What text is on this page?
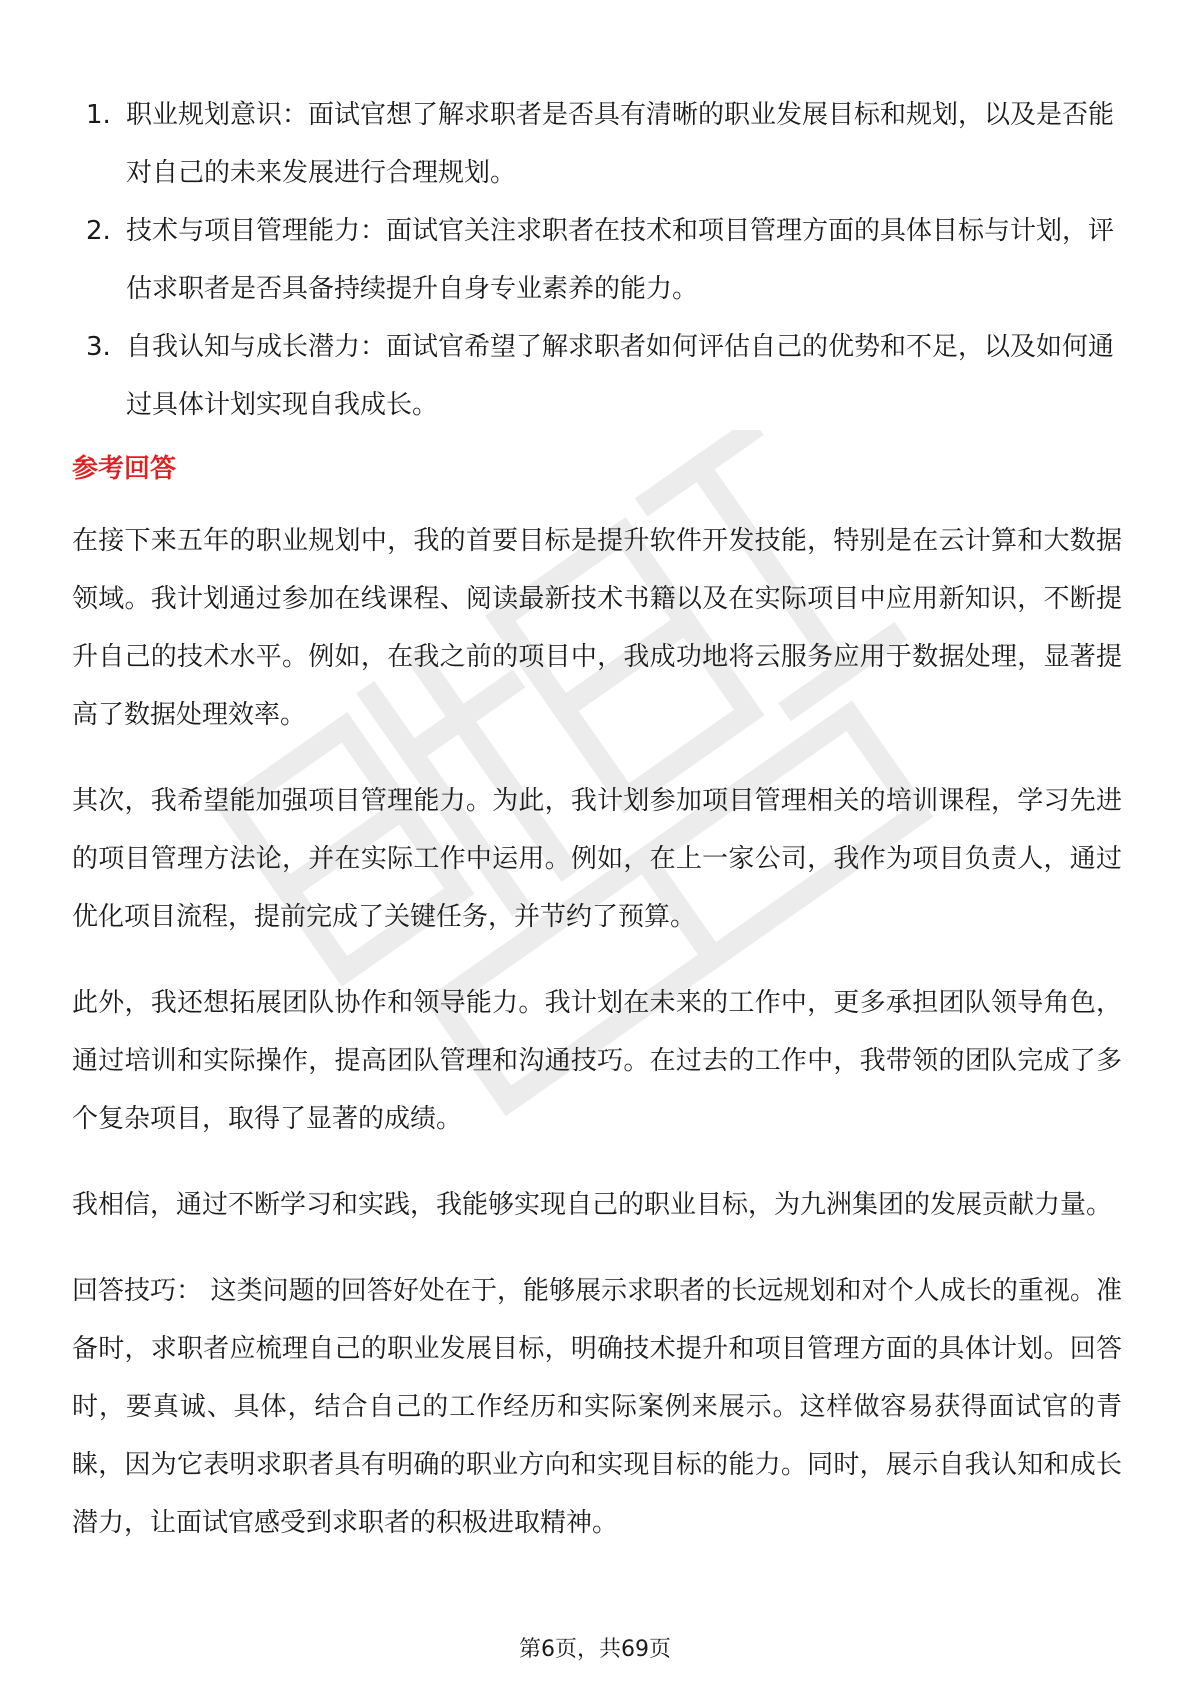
1. 职业规划意识：面试官想了解求职者是否具有清晰的职业发展目标和规划，以及是否能对自己的未来发展进行合理规划。
2. 技术与项目管理能力：面试官关注求职者在技术和项目管理方面的具体目标与计划，评估求职者是否具备持续提升自身专业素养的能力。
3. 自我认知与成长潜力：面试官希望了解求职者如何评估自己的优势和不足，以及如何通过具体计划实现自我成长。
参考回答

在接下来五年的职业规划中，我的首要目标是提升软件开发技能，特别是在云计算和大数据领域。我计划通过参加在线课程、阅读最新技术书籍以及在实际项目中应用新知识，不断提升自己的技术水平。例如，在我之前的项目中，我成功地将云服务应用于数据处理，显著提高了数据处理效率。

其次，我希望能加强项目管理能力。为此，我计划参加项目管理相关的培训课程，学习先进的项目管理方法论，并在实际工作中运用。例如，在上一家公司，我作为项目负责人，通过优化项目流程，提前完成了关键任务，并节约了预算。

此外，我还想拓展团队协作和领导能力。我计划在未来的工作中，更多承担团队领导角色，通过培训和实际操作，提高团队管理和沟通技巧。在过去的工作中，我带领的团队完成了多个复杂项目，取得了显著的成绩。

我相信，通过不断学习和实践，我能够实现自己的职业目标，为九洲集团的发展贡献力量。

回答技巧： 这类问题的回答好处在于，能够展示求职者的长远规划和对个人成长的重视。准备时，求职者应梳理自己的职业发展目标，明确技术提升和项目管理方面的具体计划。回答时，要真诚、具体，结合自己的工作经历和实际案例来展示。这样做容易获得面试官的青睐，因为它表明求职者具有明确的职业方向和实现目标的能力。同时，展示自我认知和成长潜力，让面试官感受到求职者的积极进取精神。

第6页，共69页
